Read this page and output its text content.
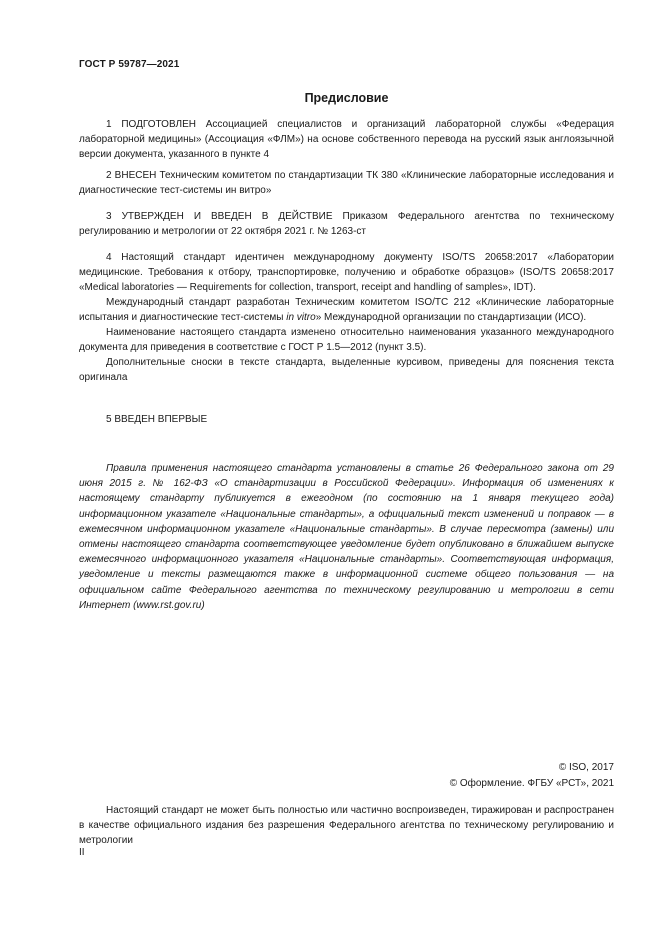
ГОСТ Р 59787—2021
Предисловие

1 ПОДГОТОВЛЕН Ассоциацией специалистов и организаций лабораторной службы «Федерация лабораторной медицины» (Ассоциация «ФЛМ») на основе собственного перевода на русский язык англоязычной версии документа, указанного в пункте 4

2 ВНЕСЕН Техническим комитетом по стандартизации ТК 380 «Клинические лабораторные исследования и диагностические тест-системы ин витро»

3 УТВЕРЖДЕН И ВВЕДЕН В ДЕЙСТВИЕ Приказом Федерального агентства по техническому регулированию и метрологии от 22 октября 2021 г. № 1263-ст

4 Настоящий стандарт идентичен международному документу ISO/TS 20658:2017 «Лаборатории медицинские. Требования к отбору, транспортировке, получению и обработке образцов» (ISO/TS 20658:2017 «Medical laboratories — Requirements for collection, transport, receipt and handling of samples», IDT).

Международный стандарт разработан Техническим комитетом ISO/TC 212 «Клинические лабораторные испытания и диагностические тест-системы in vitro» Международной организации по стандартизации (ИСО).

Наименование настоящего стандарта изменено относительно наименования указанного международного документа для приведения в соответствие с ГОСТ Р 1.5—2012 (пункт 3.5).

Дополнительные сноски в тексте стандарта, выделенные курсивом, приведены для пояснения текста оригинала

5 ВВЕДЕН ВПЕРВЫЕ

Правила применения настоящего стандарта установлены в статье 26 Федерального закона от 29 июня 2015 г. № 162-ФЗ «О стандартизации в Российской Федерации». Информация об изменениях к настоящему стандарту публикуется в ежегодном (по состоянию на 1 января текущего года) информационном указателе «Национальные стандарты», а официальный текст изменений и поправок — в ежемесячном информационном указателе «Национальные стандарты». В случае пересмотра (замены) или отмены настоящего стандарта соответствующее уведомление будет опубликовано в ближайшем выпуске ежемесячного информационного указателя «Национальные стандарты». Соответствующая информация, уведомление и тексты размещаются также в информационной системе общего пользования — на официальном сайте Федерального агентства по техническому регулированию и метрологии в сети Интернет (www.rst.gov.ru)

© ISO, 2017
© Оформление. ФГБУ «РСТ», 2021

Настоящий стандарт не может быть полностью или частично воспроизведен, тиражирован и распространен в качестве официального издания без разрешения Федерального агентства по техническому регулированию и метрологии

II
